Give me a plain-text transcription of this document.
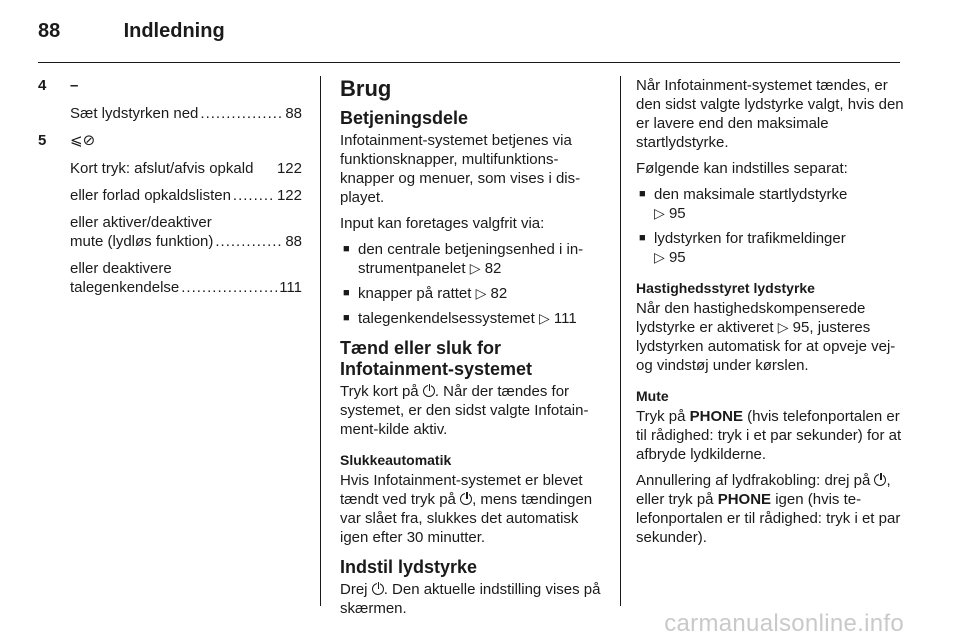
88	Indledning
4	–
Sæt lydstyrken ned .....	88
5	⩽⊘
Kort tryk: afslut/afvis opkald	122
eller forlad opkaldslisten .....	122
eller aktiver/deaktiver
mute (lydløs funktion) .....	88
eller deaktivere
talegenkendelse .....	111
Brug
Betjeningsdele

Infotainment-systemet betjenes via funktionsknapper, multifunktions-knapper og menuer, som vises i dis-playet.

Input kan foretages valgfrit via:

■ den centrale betjeningsenhed i in-strumentpanelet ▷ 82
■ knapper på rattet ▷ 82
■ talegenkendelsessystemet ▷ 111
Tænd eller sluk for Infotainment-systemet

Tryk kort på . Når der tændes for systemet, er den sidst valgte Infotain-ment-kilde aktiv.

Slukkeautomatik

Hvis Infotainment-systemet er blevet tændt ved tryk på , mens tændingen var slået fra, slukkes det automatisk igen efter 30 minutter.

Indstil lydstyrke

Drej . Den aktuelle indstilling vises på skærmen.

Når Infotainment-systemet tændes, er den sidst valgte lydstyrke valgt, hvis den er lavere end den maksimale startlydstyrke.

Følgende kan indstilles separat:

■ den maksimale startlydstyrke
▷ 95
■ lydstyrken for trafikmeldinger
▷ 95
Hastighedsstyret lydstyrke

Når den hastighedskompenserede lydstyrke er aktiveret ▷ 95, justeres lydstyrken automatisk for at opveje vej- og vindstøj under kørslen.

Mute

Tryk på PHONE (hvis telefonportalen er til rådighed: tryk i et par sekunder) for at afbryde lydkilderne.

Annullering af lydfrakobling: drej på , eller tryk på PHONE igen (hvis te-lefonportalen er til rådighed: tryk i et par sekunder).

carmanualsonline.info
